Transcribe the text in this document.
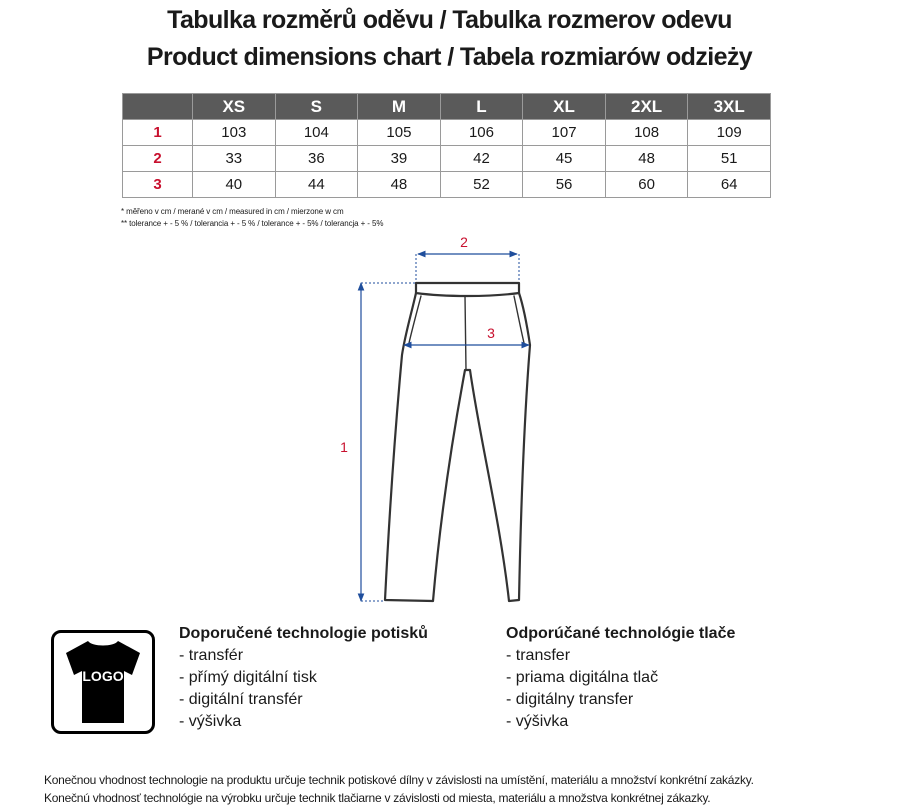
Tabulka rozměrů oděvu / Tabulka rozmerov odevu
Product dimensions chart / Tabela rozmiarów odzieży
	XS	S	M	L	XL	2XL	3XL
1	103	104	105	106	107	108	109
2	33	36	39	42	45	48	51
3	40	44	48	52	56	60	64
* měřeno v cm / merané v cm / measured in cm / mierzone w cm
** tolerance + - 5 % / tolerancia + - 5 % / tolerance + - 5% / tolerancja + - 5%
2
3
1
LOGO
Doporučené technologie potisků
- transfér
- přímý digitální tisk
- digitální transfér
- výšivka
Odporúčané technológie tlače
- transfer
- priama digitálna tlač
- digitálny transfer
- výšivka
Konečnou vhodnost technologie na produktu určuje technik potiskové dílny v závislosti na umístění, materiálu a množství konkrétní zakázky.
Konečnú vhodnosť technológie na výrobku určuje technik tlačiarne v závislosti od miesta, materiálu a množstva konkrétnej zákazky.
